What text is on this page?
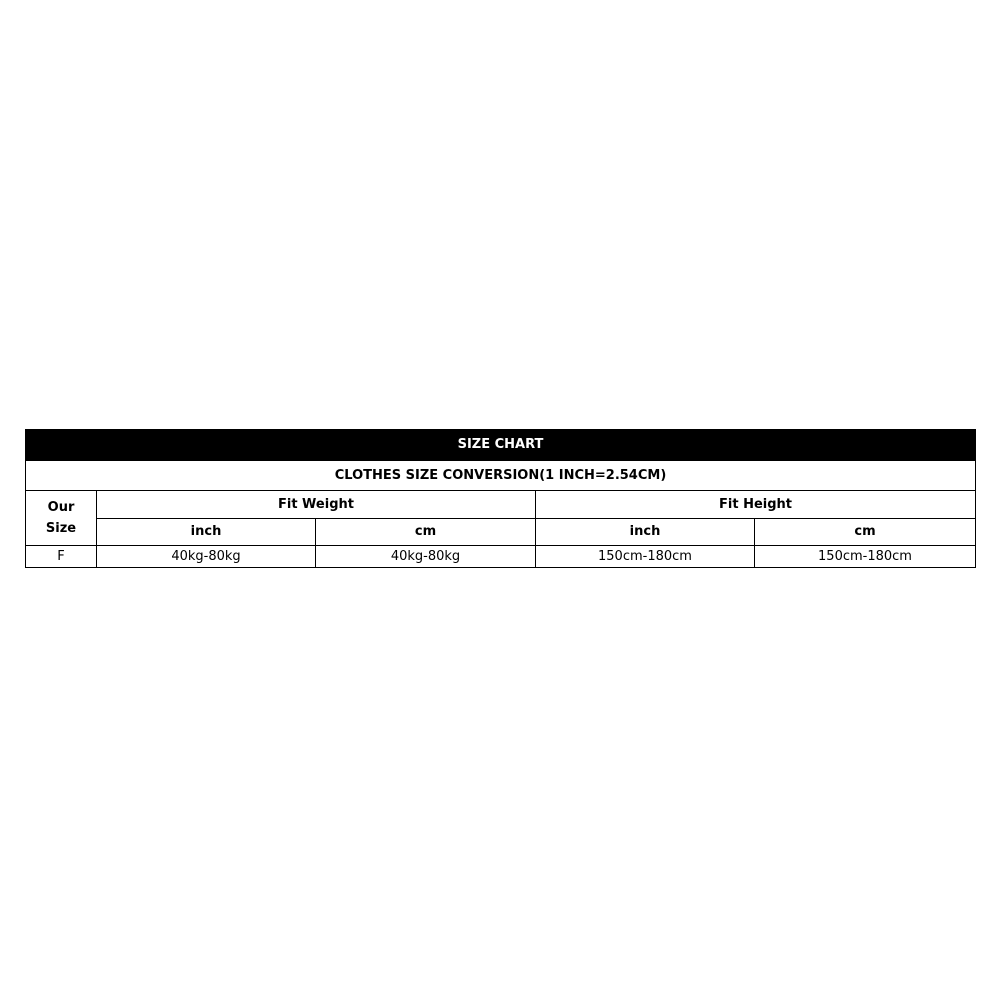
SIZE CHART				
CLOTHES SIZE CONVERSION(1 INCH=2.54CM)				

Our
Size	Fit Weight		Fit Height	
	inch	cm	inch	cm
F	40kg-80kg	40kg-80kg	150cm-180cm	150cm-180cm
